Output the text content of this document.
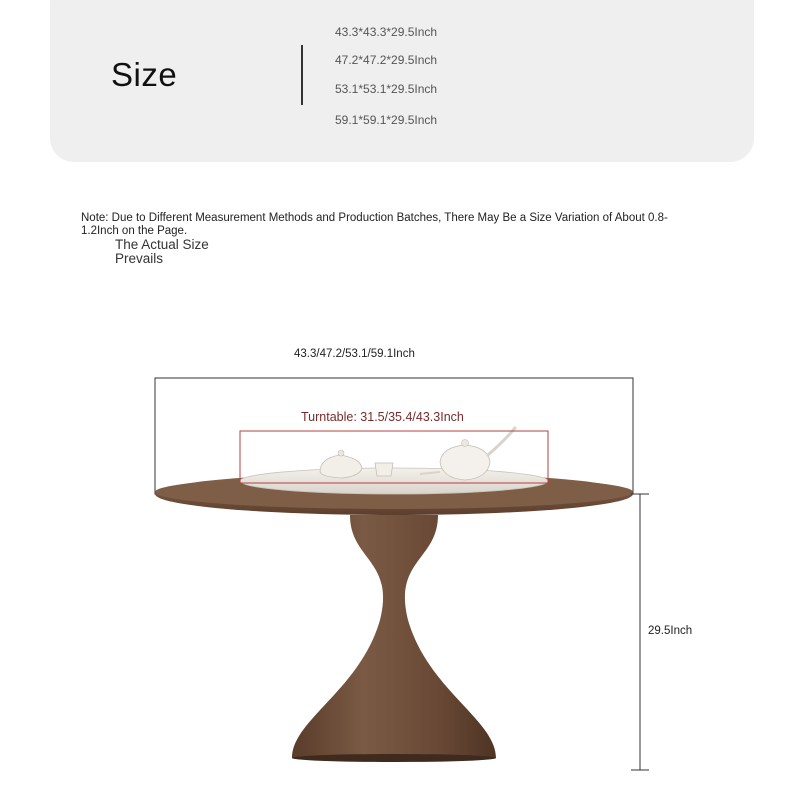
Size
43.3*43.3*29.5Inch
47.2*47.2*29.5Inch
53.1*53.1*29.5Inch
59.1*59.1*29.5Inch
Note: Due to Different Measurement Methods and Production Batches, There May Be a Size Variation of About 0.8-1.2Inch on the Page.
The Actual Size
Prevails
43.3/47.2/53.1/59.1Inch
29.5Inch
Turntable: 31.5/35.4/43.3Inch
